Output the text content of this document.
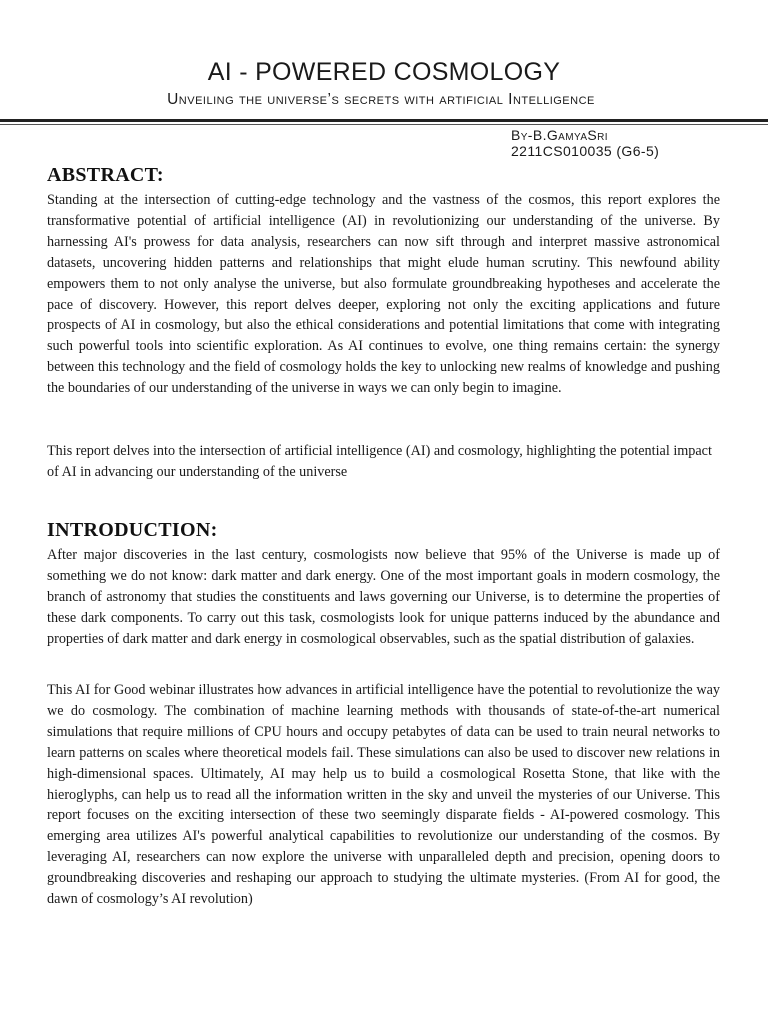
AI - POWERED COSMOLOGY
Unveiling the universe’s secrets with artificial Intelligence
By-B.GamyaSri
2211CS010035 (G6-5)
ABSTRACT:

Standing at the intersection of cutting-edge technology and the vastness of the cosmos, this report explores the transformative potential of artificial intelligence (AI) in revolutionizing our understanding of the universe. By harnessing AI's prowess for data analysis, researchers can now sift through and interpret massive astronomical datasets, uncovering hidden patterns and relationships that might elude human scrutiny. This newfound ability empowers them to not only analyse the universe, but also formulate groundbreaking hypotheses and accelerate the pace of discovery. However, this report delves deeper, exploring not only the exciting applications and future prospects of AI in cosmology, but also the ethical considerations and potential limitations that come with integrating such powerful tools into scientific exploration. As AI continues to evolve, one thing remains certain: the synergy between this technology and the field of cosmology holds the key to unlocking new realms of knowledge and pushing the boundaries of our understanding of the universe in ways we can only begin to imagine.

This report delves into the intersection of artificial intelligence (AI) and cosmology, highlighting the potential impact of AI in advancing our understanding of the universe

INTRODUCTION:

After major discoveries in the last century, cosmologists now believe that 95% of the Universe is made up of something we do not know: dark matter and dark energy. One of the most important goals in modern cosmology, the branch of astronomy that studies the constituents and laws governing our Universe, is to determine the properties of these dark components. To carry out this task, cosmologists look for unique patterns induced by the abundance and properties of dark matter and dark energy in cosmological observables, such as the spatial distribution of galaxies.

This AI for Good webinar illustrates how advances in artificial intelligence have the potential to revolutionize the way we do cosmology. The combination of machine learning methods with thousands of state-of-the-art numerical simulations that require millions of CPU hours and occupy petabytes of data can be used to train neural networks to learn patterns on scales where theoretical models fail. These simulations can also be used to discover new relations in high-dimensional spaces. Ultimately, AI may help us to build a cosmological Rosetta Stone, that like with the hieroglyphs, can help us to read all the information written in the sky and unveil the mysteries of our Universe. This report focuses on the exciting intersection of these two seemingly disparate fields - AI-powered cosmology. This emerging area utilizes AI's powerful analytical capabilities to revolutionize our understanding of the cosmos. By leveraging AI, researchers can now explore the universe with unparalleled depth and precision, opening doors to groundbreaking discoveries and reshaping our approach to studying the ultimate mysteries. (From AI for good, the dawn of cosmology’s AI revolution)
